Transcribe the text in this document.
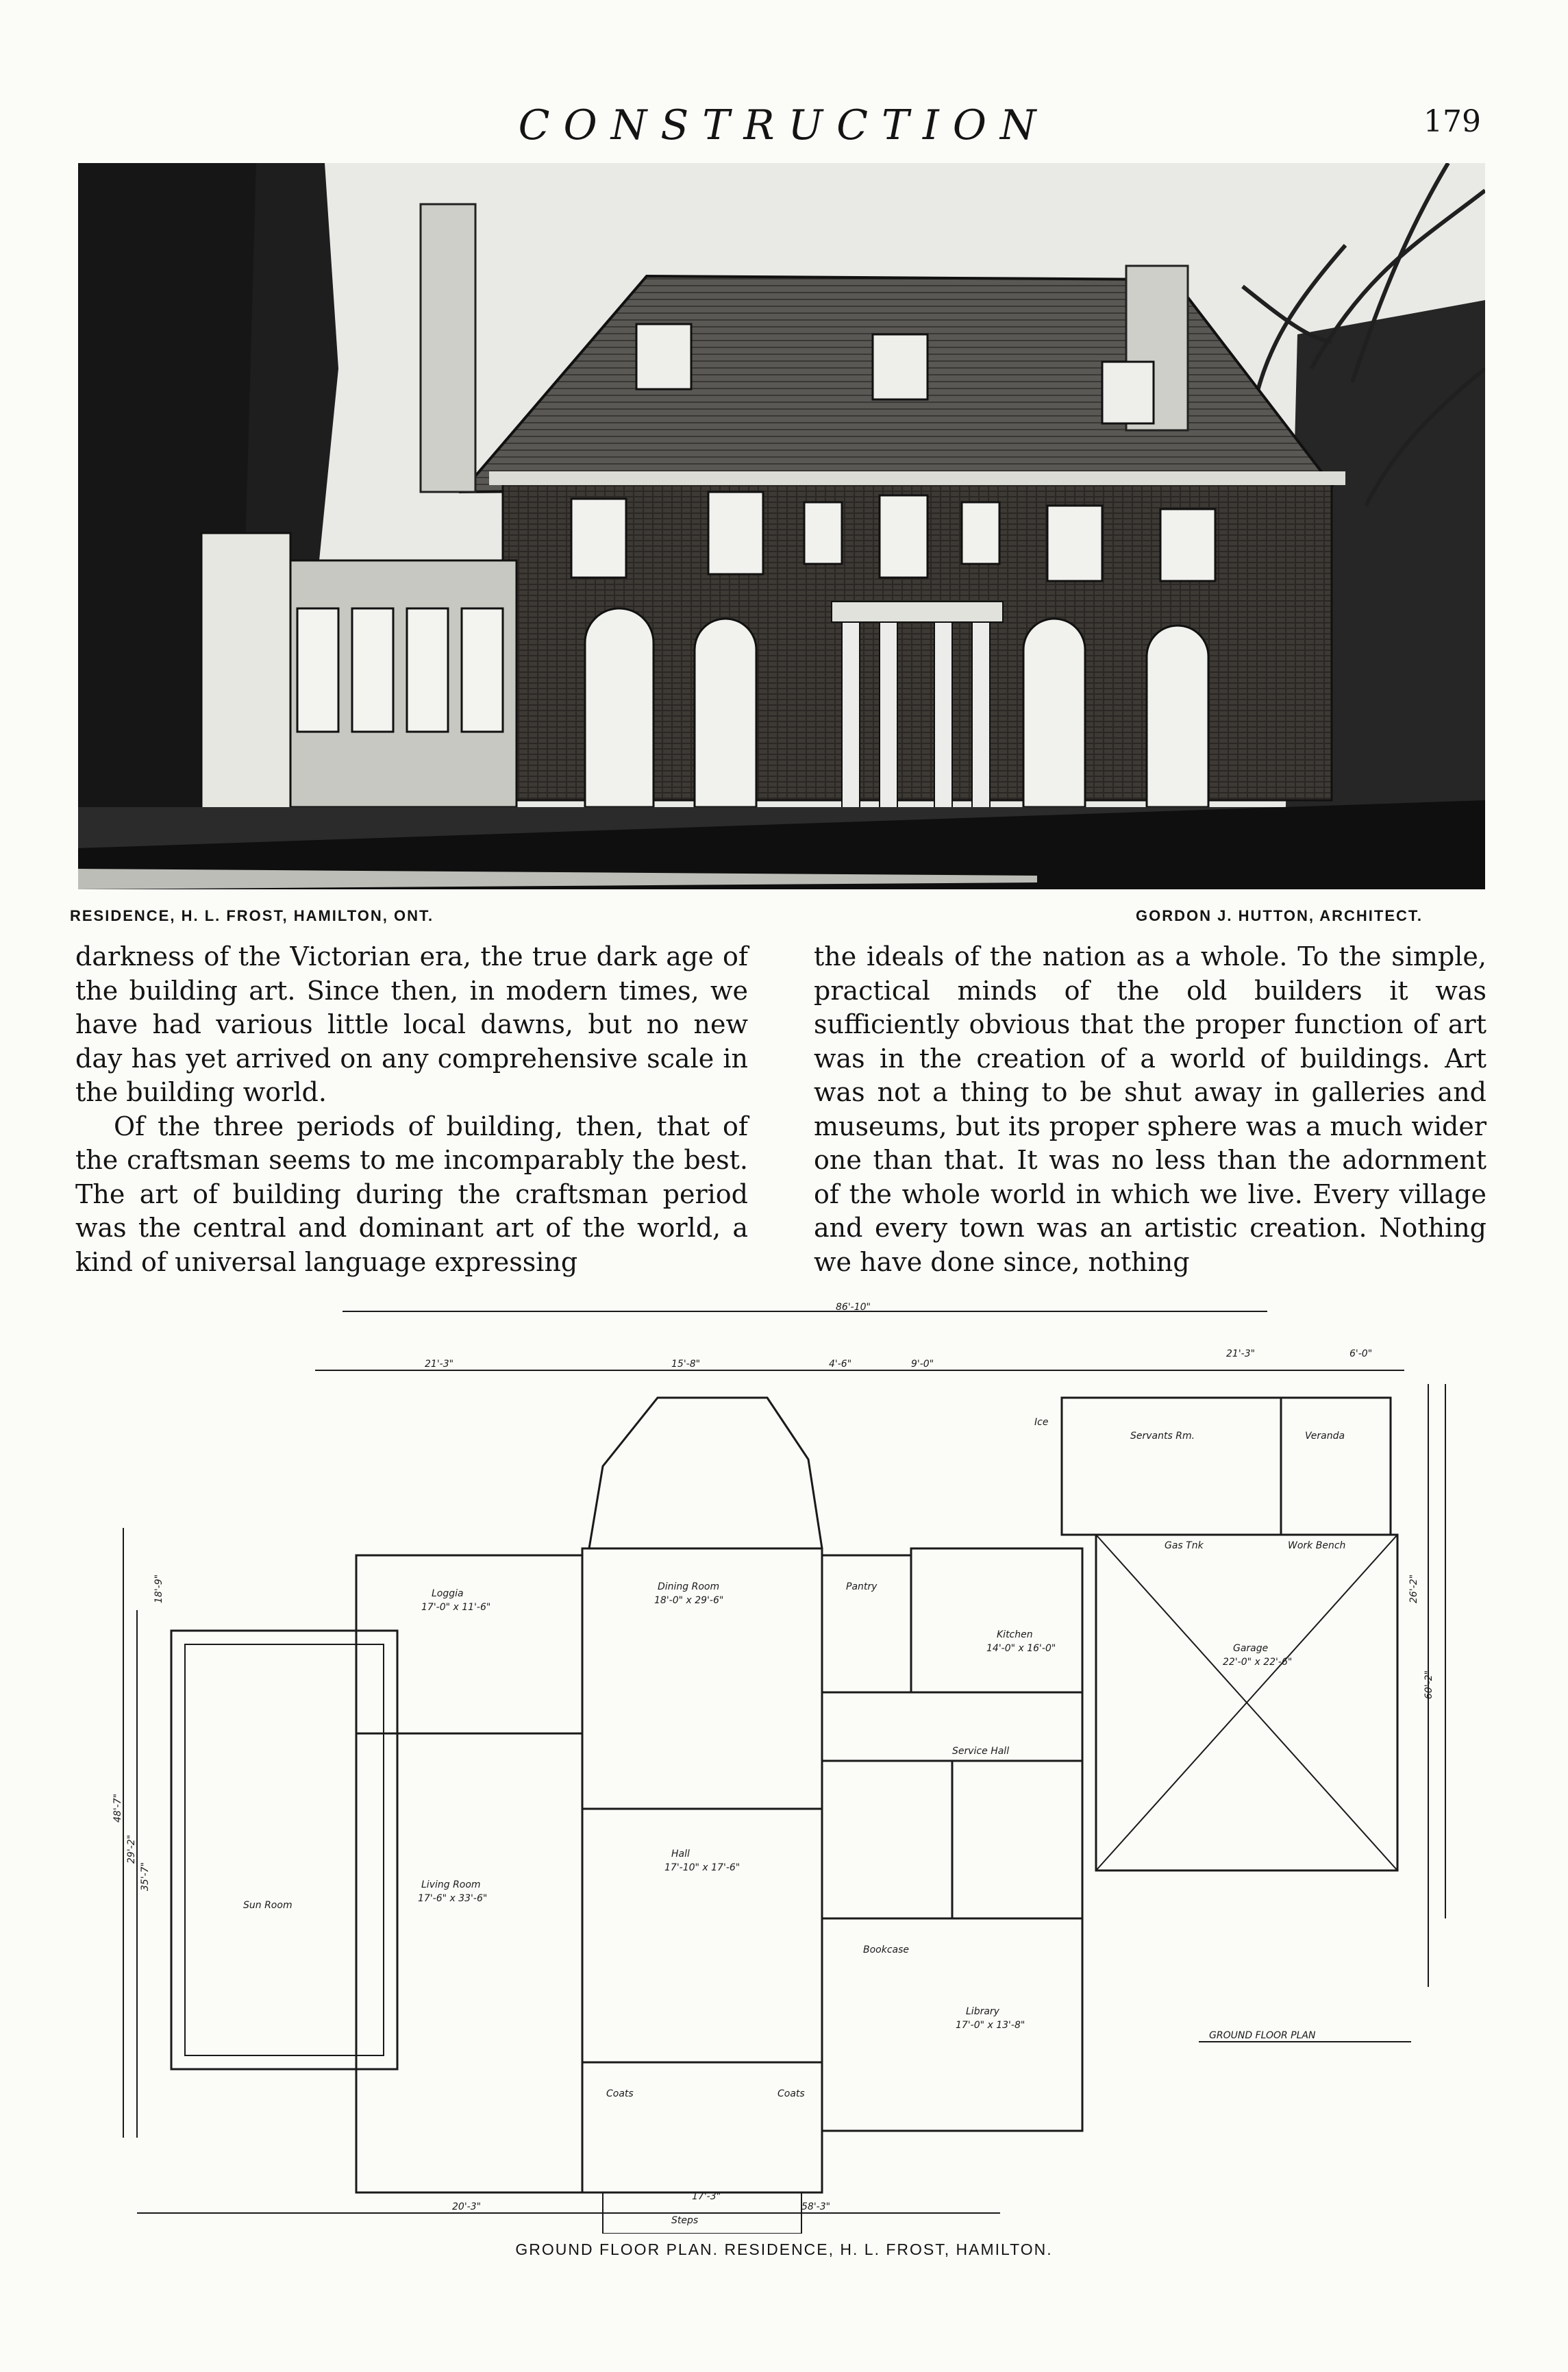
CONSTRUCTION	179
RESIDENCE, H. L. FROST, HAMILTON, ONT.	GORDON J. HUTTON, ARCHITECT.

darkness of the Victorian era, the true dark age of the building art. Since then, in modern times, we have had various little local dawns, but no new day has yet arrived on any comprehensive scale in the building world.

Of the three periods of building, then, that of the craftsman seems to me incomparably the best. The art of building during the craftsman period was the central and dominant art of the world, a kind of universal language expressing

the ideals of the nation as a whole. To the simple, practical minds of the old builders it was sufficiently obvious that the proper function of art was in the creation of a world of buildings. Art was not a thing to be shut away in galleries and museums, but its proper sphere was a much wider one than that. It was no less than the adornment of the whole world in which we live. Every village and every town was an artistic creation. Nothing we have done since, nothing

86'-10"
21'-3"	15'-8"	4'-6"	9'-0"
21'-3"	6'-0"
Loggia
17'-0" x 11'-6"
Dining Room
18'-0" x 29'-6"
Pantry
Kitchen
14'-0" x 16'-0"
Ice
Servants Rm.	Veranda
Gas Tnk	Work Bench
Garage
22'-0" x 22'-6"
Service Hall
Hall
17'-10" x 17'-6"
Living Room
17'-6" x 33'-6"
Sun Room
Bookcase
Library
17'-0" x 13'-8"
Coats	Coats
Steps
GROUND FLOOR PLAN
60'-2"
26'-2"
48'-7"
29'-2"
35'-7"
18'-9"
20'-3"	58'-3"
17'-3"
GROUND FLOOR PLAN. RESIDENCE, H. L. FROST, HAMILTON.
